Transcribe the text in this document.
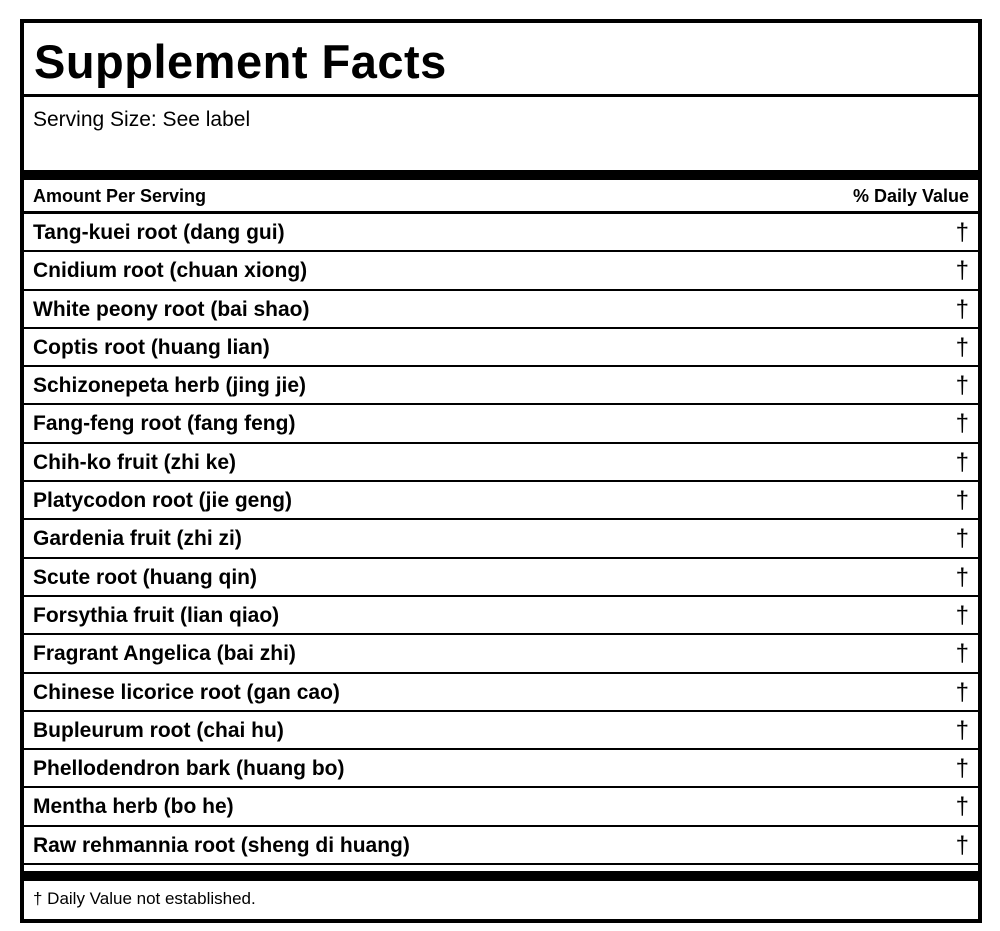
Supplement Facts
Serving Size: See label
Amount Per Serving	% Daily Value
Tang-kuei root (dang gui)	†
Cnidium root (chuan xiong)	†
White peony root (bai shao)	†
Coptis root (huang lian)	†
Schizonepeta herb (jing jie)	†
Fang-feng root (fang feng)	†
Chih-ko fruit (zhi ke)	†
Platycodon root (jie geng)	†
Gardenia fruit (zhi zi)	†
Scute root (huang qin)	†
Forsythia fruit (lian qiao)	†
Fragrant Angelica (bai zhi)	†
Chinese licorice root (gan cao)	†
Bupleurum root (chai hu)	†
Phellodendron bark (huang bo)	†
Mentha herb (bo he)	†
Raw rehmannia root (sheng di huang)	†
† Daily Value not established.
